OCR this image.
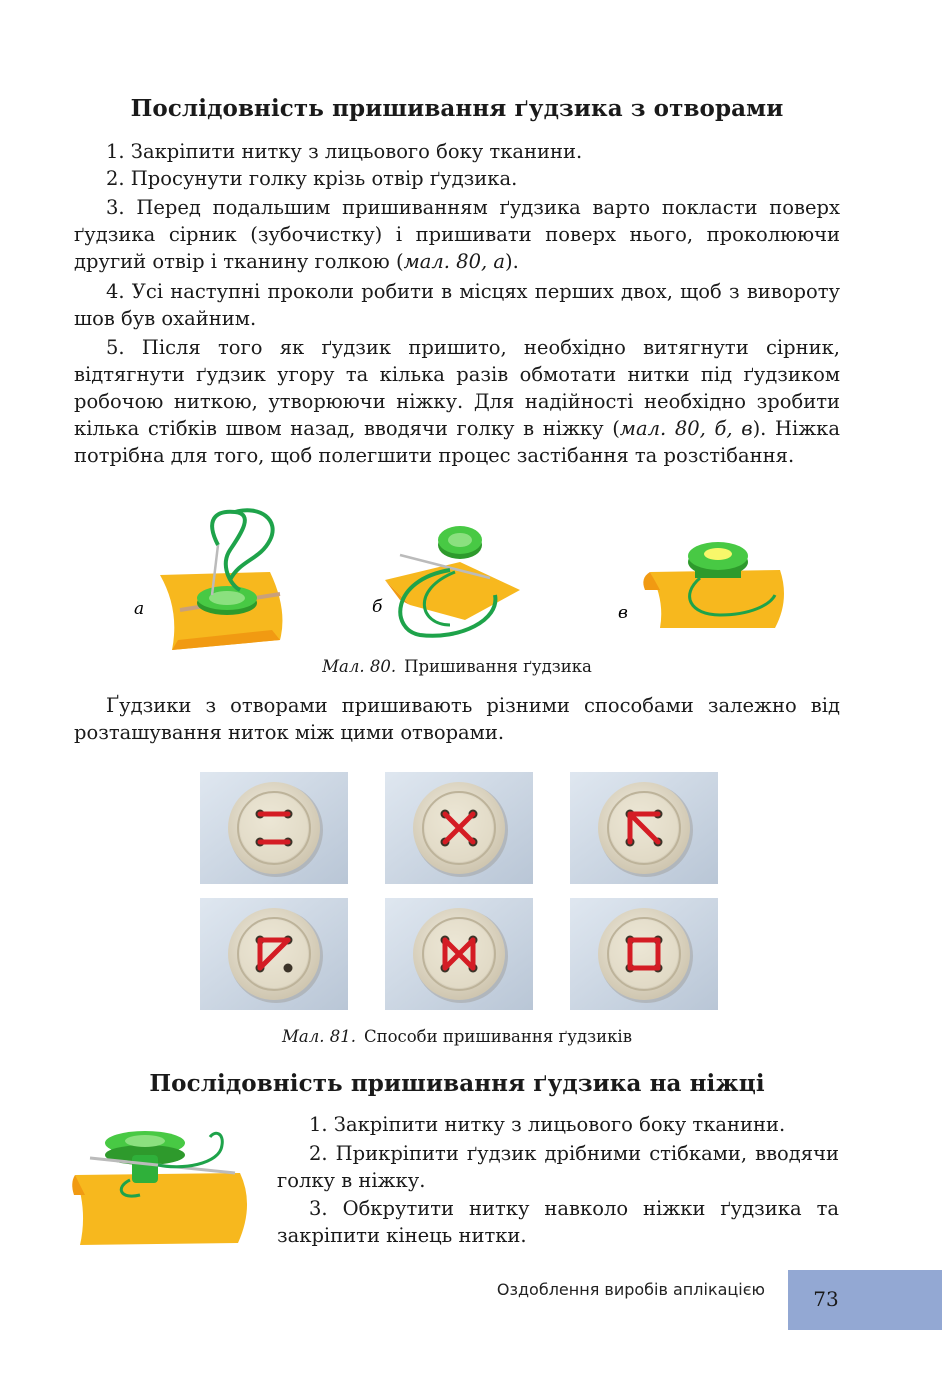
Послідовність пришивання ґудзика з отворами

1. Закріпити нитку з лицьового боку тканини.

2. Просунути голку крізь отвір ґудзика.

3. Перед подальшим пришиванням ґудзика варто покласти поверх ґудзика сірник (зубочистку) і пришивати поверх нього, проколюючи другий отвір і тканину голкою (мал. 80, а).

4. Усі наступні проколи робити в місцях перших двох, щоб з вивороту шов був охайним.

5. Після того як ґудзик пришито, необхідно витягнути сірник, відтягнути ґудзик угору та кілька разів обмотати нитки під ґудзиком робочою ниткою, утворюючи ніжку. Для надійності необхідно зробити кілька стібків швом назад, вводячи голку в ніжку (мал. 80, б, в). Ніжка потрібна для того, щоб полегшити процес застібання та розстібання.

а	б	в
Мал. 80. Пришивання ґудзика

Ґудзики з отворами пришивають різними способами залежно від розташування ниток між цими отворами.

Мал. 81. Способи пришивання ґудзиків
Послідовність пришивання ґудзика на ніжці

1. Закріпити нитку з лицьового боку тканини.

2. Прикріпити ґудзик дрібними стібками, вводячи голку в ніжку.

3. Обкрутити нитку навколо ніжки ґудзика та закріпити кінець нитки.

Оздоблення виробів аплікацією	73
